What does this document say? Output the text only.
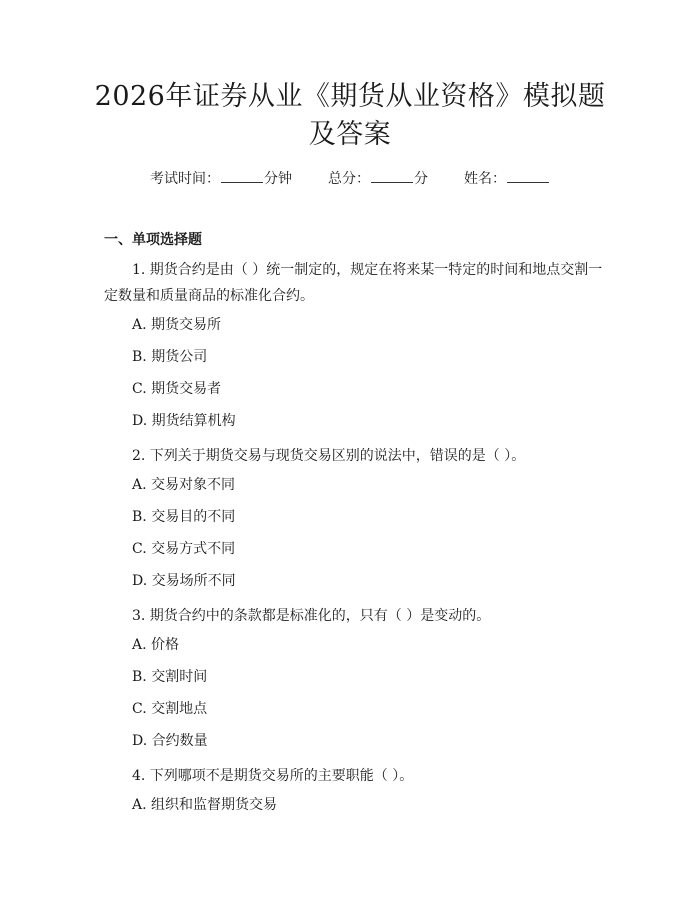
2026年证券从业《期货从业资格》模拟题及答案
考试时间：	分钟	总分：	分	姓名：
一、单项选择题

1. 期货合约是由（ ）统一制定的，规定在将来某一特定的时间和地点交割一定数量和质量商品的标准化合约。

A. 期货交易所

B. 期货公司

C. 期货交易者

D. 期货结算机构

2. 下列关于期货交易与现货交易区别的说法中，错误的是（ ）。

A. 交易对象不同

B. 交易目的不同

C. 交易方式不同

D. 交易场所不同

3. 期货合约中的条款都是标准化的，只有（ ）是变动的。

A. 价格

B. 交割时间

C. 交割地点

D. 合约数量

4. 下列哪项不是期货交易所的主要职能（ ）。

A. 组织和监督期货交易
